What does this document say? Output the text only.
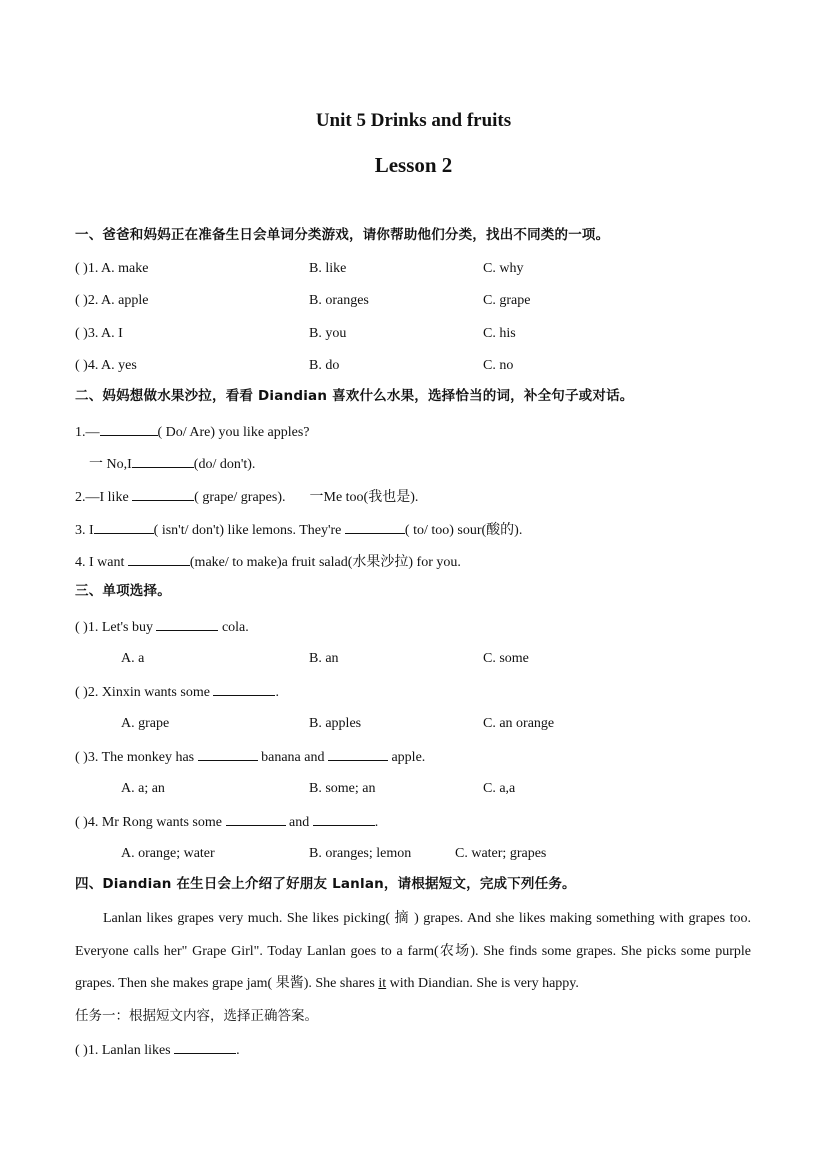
Unit 5 Drinks and fruits
Lesson 2
一、爸爸和妈妈正在准备生日会单词分类游戏，请你帮助他们分类，找出不同类的一项。
( )1. A. make	B. like	C. why
( )2. A. apple	B. oranges	C. grape
( )3. A. I	B. you	C. his
( )4. A. yes	B. do	C. no
二、妈妈想做水果沙拉，看看 Diandian 喜欢什么水果，选择恰当的词，补全句子或对话。
1.—	( Do/ Are) you like apples?
一 No,I	(do/ don't).
2.—I like	( grape/ grapes). 一Me too(我也是).
3. I	( isn't/ don't) like lemons. They're	( to/ too) sour(酸的).
4. I want	(make/ to make)a fruit salad(水果沙拉) for you.
三、单项选择。
( )1. Let's buy	cola.
A. a	B. an	C. some
( )2. Xinxin wants some	.
A. grape	B. apples	C. an orange
( )3. The monkey has	banana and	apple.
A. a; an	B. some; an	C. a,a
( )4. Mr Rong wants some	and	.
A. orange; water	B. oranges; lemon	C. water; grapes
四、Diandian 在生日会上介绍了好朋友 Lanlan，请根据短文，完成下列任务。
Lanlan likes grapes very much. She likes picking( 摘 ) grapes. And she likes making something with grapes too. Everyone calls her" Grape Girl". Today Lanlan goes to a farm(农场). She finds some grapes. She picks some purple grapes. Then she makes grape jam( 果酱). She shares it with Diandian. She is very happy.
任务一：根据短文内容，选择正确答案。
( )1. Lanlan likes	.
